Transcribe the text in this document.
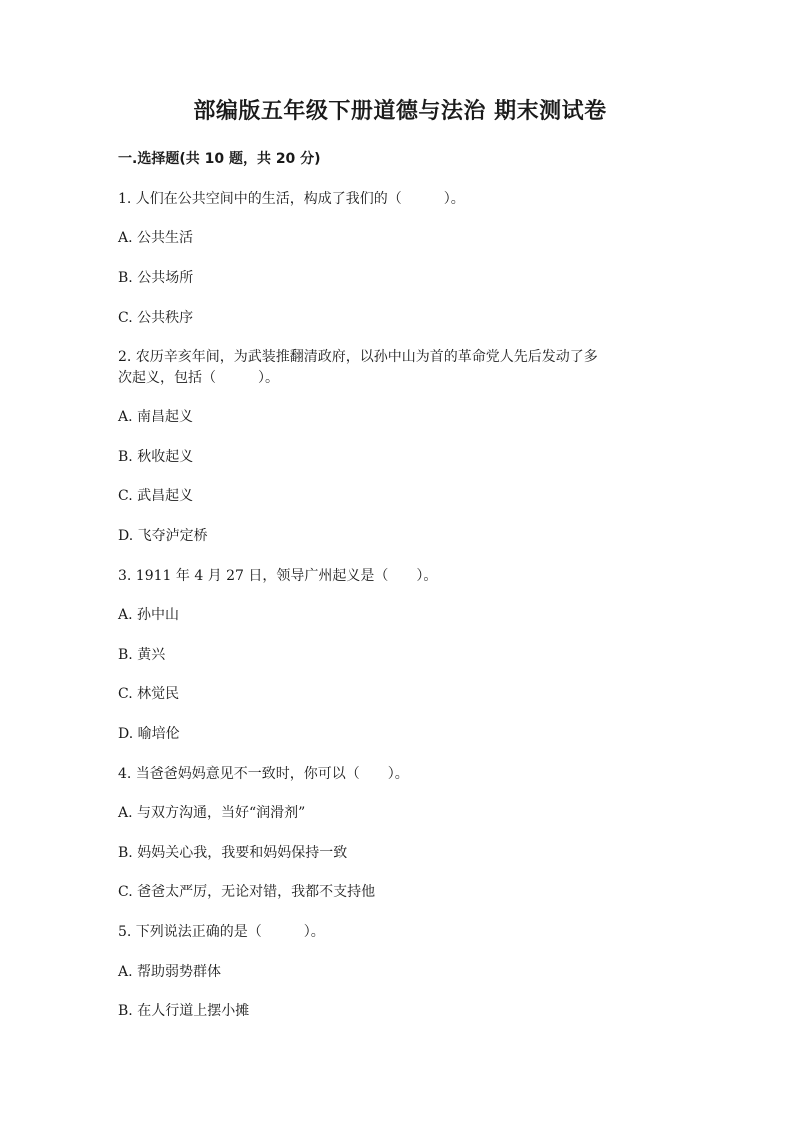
部编版五年级下册道德与法治 期末测试卷
一.选择题(共 10 题，共 20 分)
1. 人们在公共空间中的生活，构成了我们的（　　　）。
A. 公共生活
B. 公共场所
C. 公共秩序
2. 农历辛亥年间，为武装推翻清政府，以孙中山为首的革命党人先后发动了多
次起义，包括（　　　）。
A. 南昌起义
B. 秋收起义
C. 武昌起义
D. 飞夺泸定桥
3. 1911 年 4 月 27 日，领导广州起义是（　　）。
A. 孙中山
B. 黄兴
C. 林觉民
D. 喻培伦
4. 当爸爸妈妈意见不一致时，你可以（　　）。
A. 与双方沟通，当好“润滑剂”
B. 妈妈关心我，我要和妈妈保持一致
C. 爸爸太严厉，无论对错，我都不支持他
5. 下列说法正确的是（　　　）。
A. 帮助弱势群体
B. 在人行道上摆小摊
